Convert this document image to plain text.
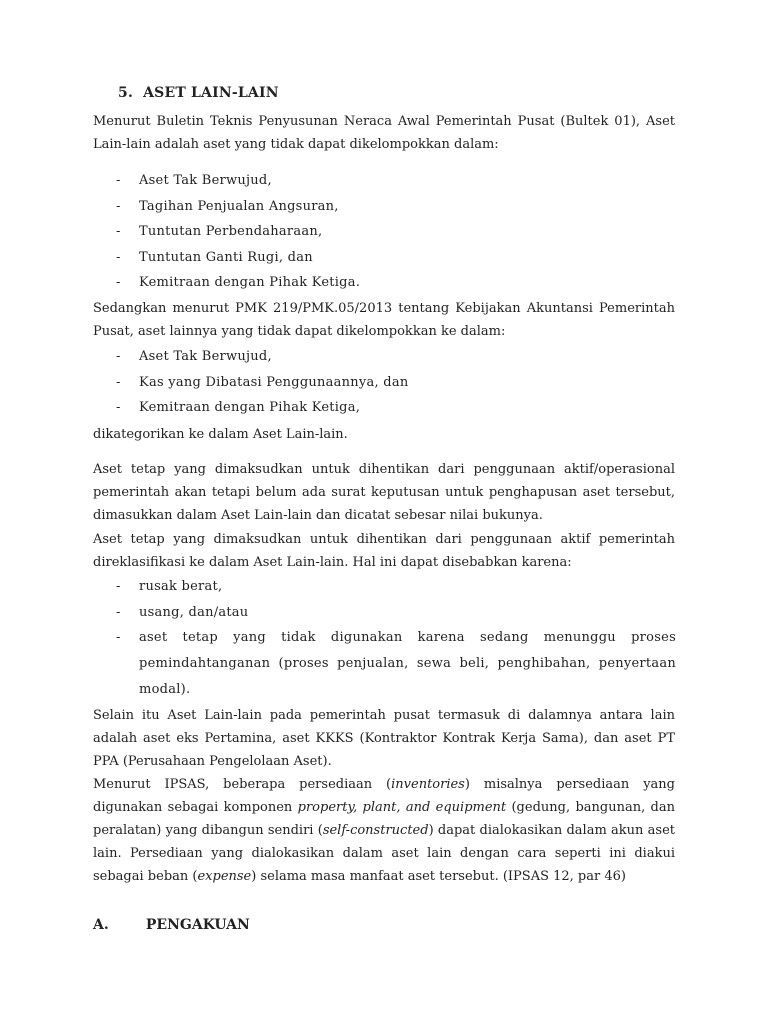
5. ASET LAIN-LAIN
Menurut Buletin Teknis Penyusunan Neraca Awal Pemerintah Pusat (Bultek 01), Aset Lain-lain adalah aset yang tidak dapat dikelompokkan dalam:
- Aset Tak Berwujud,
- Tagihan Penjualan Angsuran,
- Tuntutan Perbendaharaan,
- Tuntutan Ganti Rugi, dan
- Kemitraan dengan Pihak Ketiga.
Sedangkan menurut PMK 219/PMK.05/2013 tentang Kebijakan Akuntansi Pemerintah Pusat, aset lainnya yang tidak dapat dikelompokkan ke dalam:
- Aset Tak Berwujud,
- Kas yang Dibatasi Penggunaannya, dan
- Kemitraan dengan Pihak Ketiga,
dikategorikan ke dalam Aset Lain-lain.
Aset tetap yang dimaksudkan untuk dihentikan dari penggunaan aktif/operasional pemerintah akan tetapi belum ada surat keputusan untuk penghapusan aset tersebut, dimasukkan dalam Aset Lain-lain dan dicatat sebesar nilai bukunya.
Aset tetap yang dimaksudkan untuk dihentikan dari penggunaan aktif pemerintah direklasifikasi ke dalam Aset Lain-lain. Hal ini dapat disebabkan karena:
- rusak berat,
- usang, dan/atau
- aset tetap yang tidak digunakan karena sedang menunggu proses pemindahtanganan (proses penjualan, sewa beli, penghibahan, penyertaan modal).
Selain itu Aset Lain-lain pada pemerintah pusat termasuk di dalamnya antara lain adalah aset eks Pertamina, aset KKKS (Kontraktor Kontrak Kerja Sama), dan aset PT PPA (Perusahaan Pengelolaan Aset).
Menurut IPSAS, beberapa persediaan (inventories) misalnya persediaan yang digunakan sebagai komponen property, plant, and equipment (gedung, bangunan, dan peralatan) yang dibangun sendiri (self-constructed) dapat dialokasikan dalam akun aset lain. Persediaan yang dialokasikan dalam aset lain dengan cara seperti ini diakui sebagai beban (expense) selama masa manfaat aset tersebut. (IPSAS 12, par 46)
A.	PENGAKUAN
